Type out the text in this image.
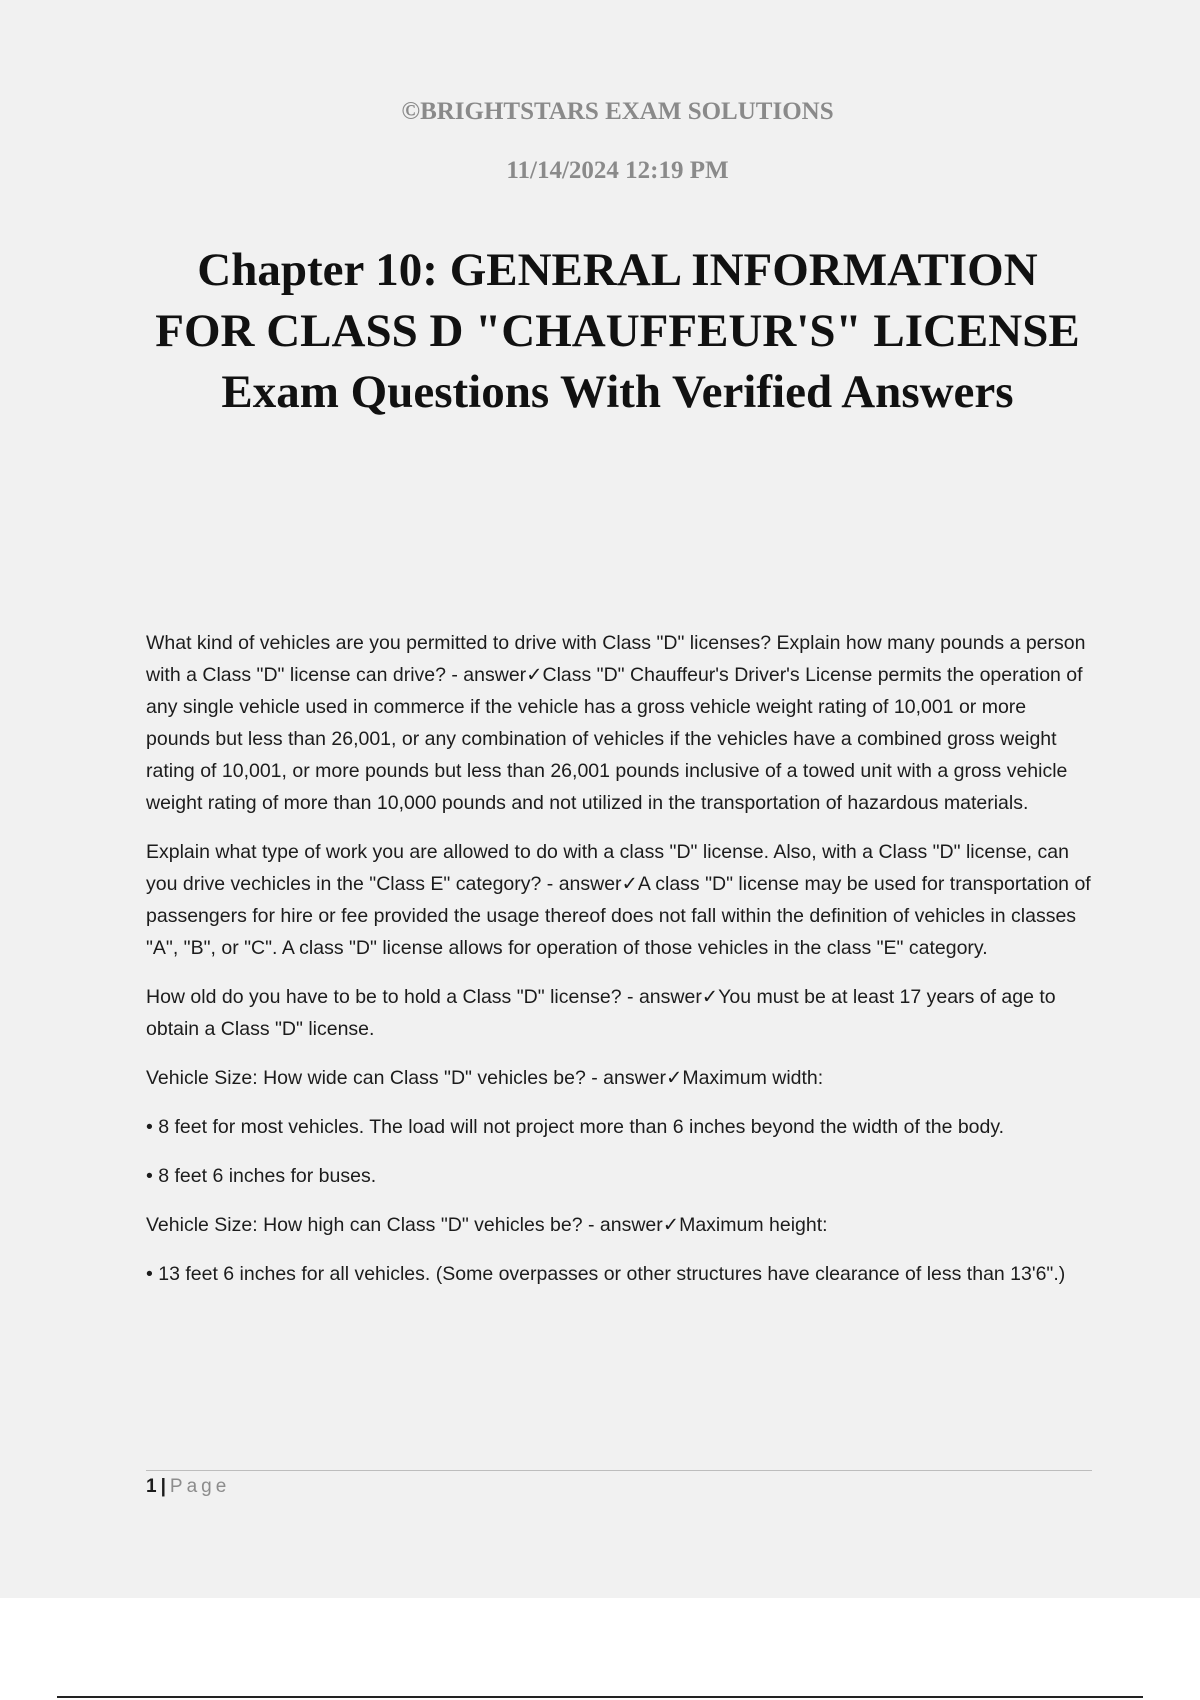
©BRIGHTSTARS EXAM SOLUTIONS

11/14/2024 12:19 PM

Chapter 10: GENERAL INFORMATION FOR CLASS D "CHAUFFEUR'S" LICENSE Exam Questions With Verified Answers

What kind of vehicles are you permitted to drive with Class "D" licenses? Explain how many pounds a person with a Class "D" license can drive? - answer✓Class "D" Chauffeur's Driver's License permits the operation of any single vehicle used in commerce if the vehicle has a gross vehicle weight rating of 10,001 or more pounds but less than 26,001, or any combination of vehicles if the vehicles have a combined gross weight rating of 10,001, or more pounds but less than 26,001 pounds inclusive of a towed unit with a gross vehicle weight rating of more than 10,000 pounds and not utilized in the transportation of hazardous materials.

Explain what type of work you are allowed to do with a class "D" license. Also, with a Class "D" license, can you drive vechicles in the "Class E" category? - answer✓A class "D" license may be used for transportation of passengers for hire or fee provided the usage thereof does not fall within the definition of vehicles in classes "A", "B", or "C". A class "D" license allows for operation of those vehicles in the class "E" category.

How old do you have to be to hold a Class "D" license? - answer✓You must be at least 17 years of age to obtain a Class "D" license.

Vehicle Size: How wide can Class "D" vehicles be? - answer✓Maximum width:

• 8 feet for most vehicles. The load will not project more than 6 inches beyond the width of the body.

• 8 feet 6 inches for buses.

Vehicle Size: How high can Class "D" vehicles be? - answer✓Maximum height:

• 13 feet 6 inches for all vehicles. (Some overpasses or other structures have clearance of less than 13'6".)

1 | Page
